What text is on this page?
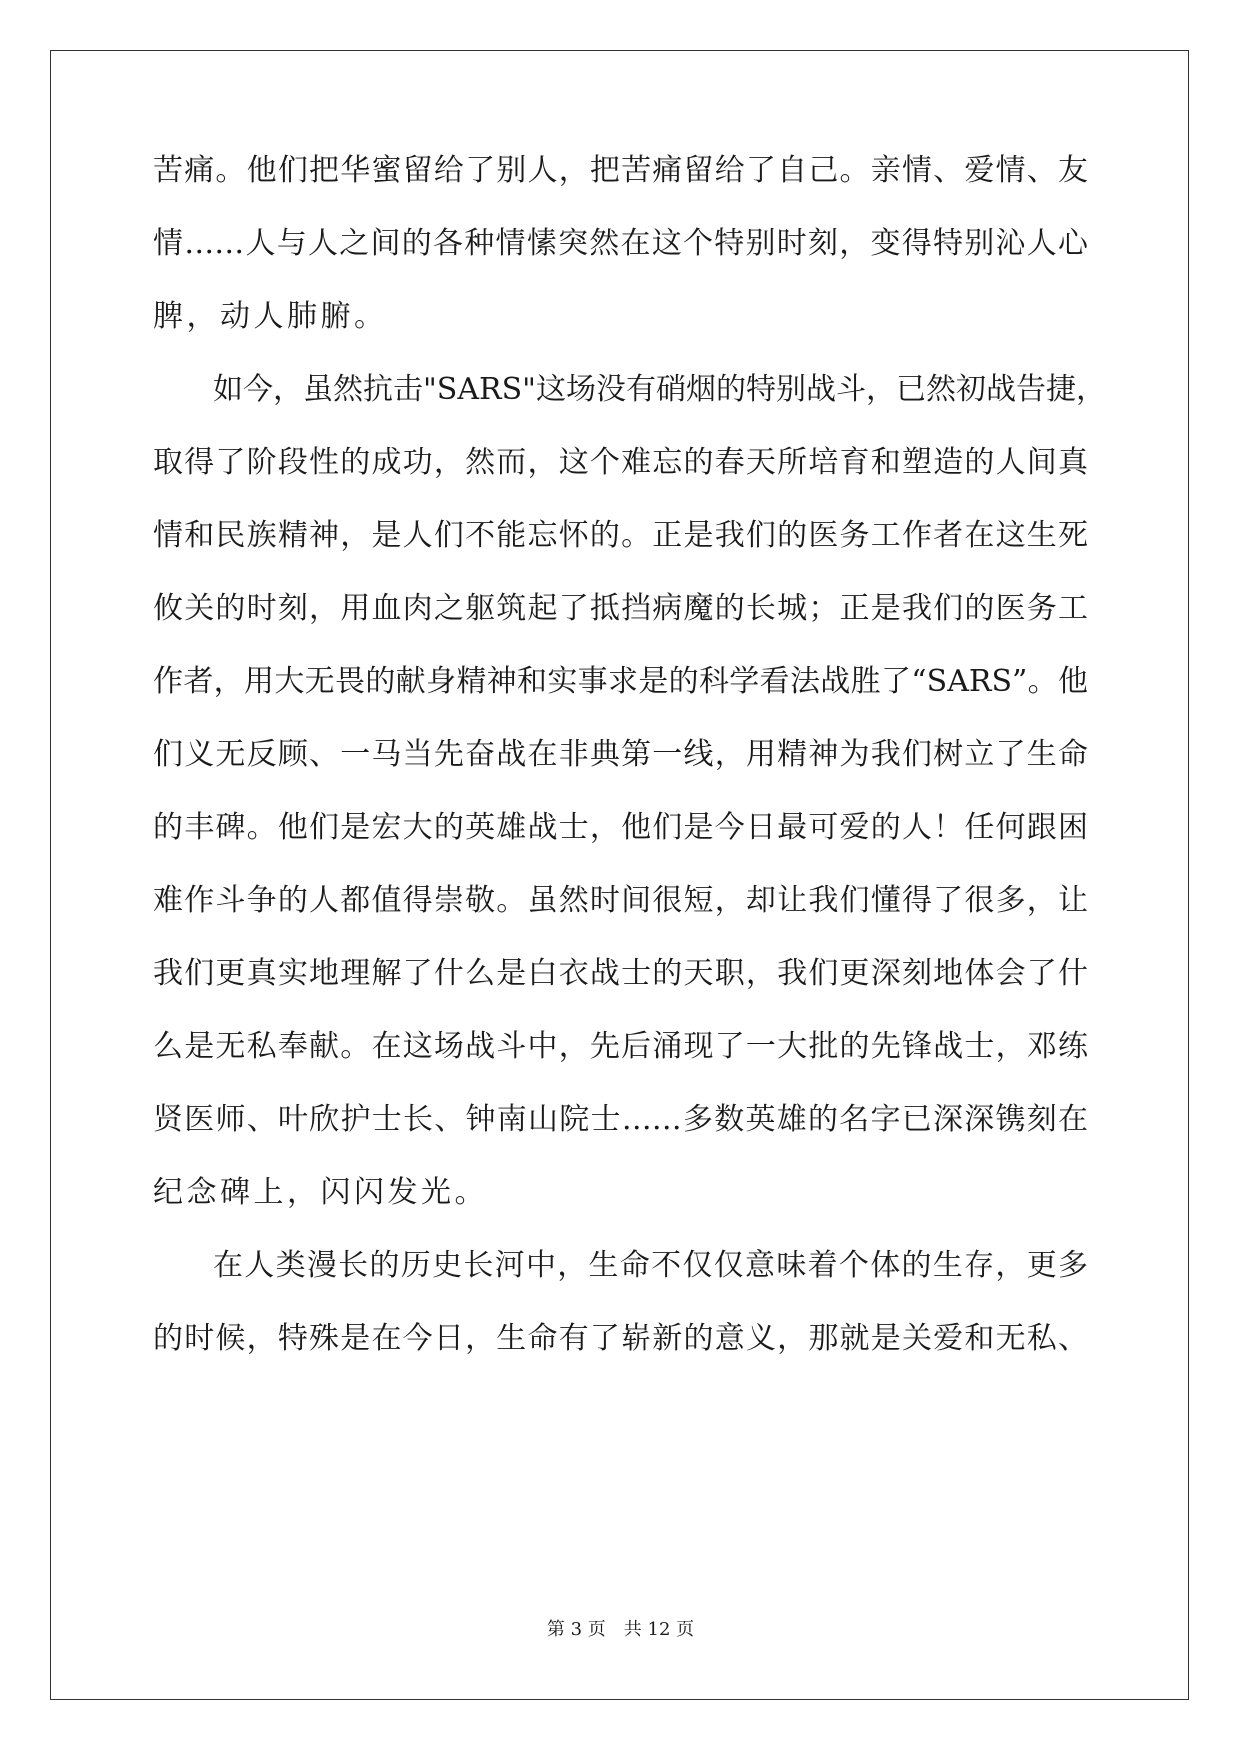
苦痛。他们把华蜜留给了别人，把苦痛留给了自己。亲情、爱情、友
情……人与人之间的各种情愫突然在这个特别时刻，变得特别沁人心
脾，动人肺腑。
如今，虽然抗击"SARS"这场没有硝烟的特别战斗，已然初战告捷，
取得了阶段性的成功，然而，这个难忘的春天所培育和塑造的人间真
情和民族精神，是人们不能忘怀的。正是我们的医务工作者在这生死
攸关的时刻，用血肉之躯筑起了抵挡病魔的长城；正是我们的医务工
作者，用大无畏的献身精神和实事求是的科学看法战胜了“SARS”。他
们义无反顾、一马当先奋战在非典第一线，用精神为我们树立了生命
的丰碑。他们是宏大的英雄战士，他们是今日最可爱的人！任何跟困
难作斗争的人都值得崇敬。虽然时间很短，却让我们懂得了很多，让
我们更真实地理解了什么是白衣战士的天职，我们更深刻地体会了什
么是无私奉献。在这场战斗中，先后涌现了一大批的先锋战士，邓练
贤医师、叶欣护士长、钟南山院士……多数英雄的名字已深深镌刻在
纪念碑上，闪闪发光。
在人类漫长的历史长河中，生命不仅仅意味着个体的生存，更多
的时候，特殊是在今日，生命有了崭新的意义，那就是关爱和无私、
第 3 页　共 12 页
